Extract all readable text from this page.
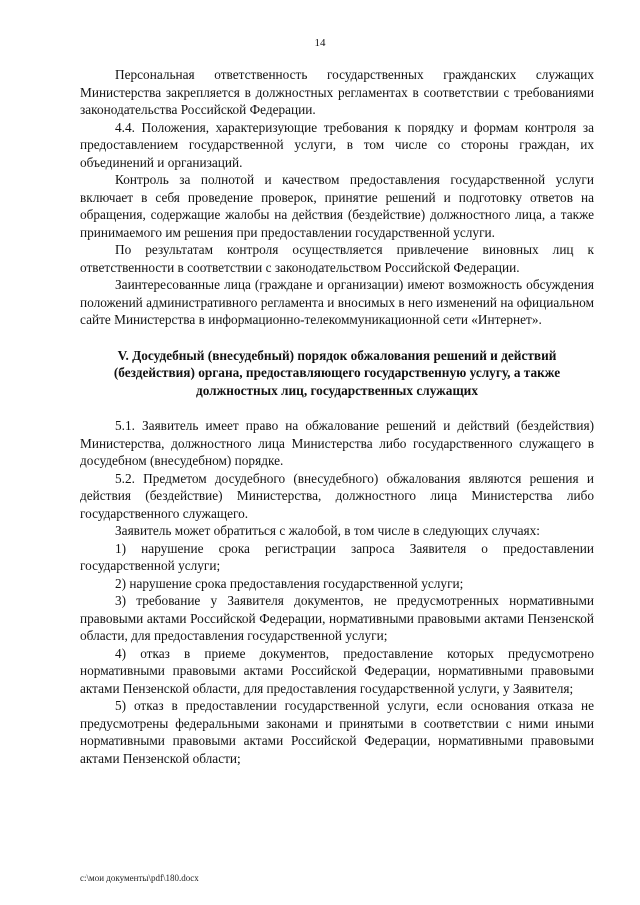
14

Персональная ответственность государственных гражданских служащих Министерства закрепляется в должностных регламентах в соответствии с требованиями законодательства Российской Федерации.

4.4. Положения, характеризующие требования к порядку и формам контроля за предоставлением государственной услуги, в том числе со стороны граждан, их объединений и организаций.

Контроль за полнотой и качеством предоставления государственной услуги включает в себя проведение проверок, принятие решений и подготовку ответов на обращения, содержащие жалобы на действия (бездействие) должностного лица, а также принимаемого им решения при предоставлении государственной услуги.

По результатам контроля осуществляется привлечение виновных лиц к ответственности в соответствии с законодательством Российской Федерации.

Заинтересованные лица (граждане и организации) имеют возможность обсуждения положений административного регламента и вносимых в него изменений на официальном сайте Министерства в информационно-телекоммуникационной сети «Интернет».

V. Досудебный (внесудебный) порядок обжалования решений и действий (бездействия) органа, предоставляющего государственную услугу, а также должностных лиц, государственных служащих

5.1. Заявитель имеет право на обжалование решений и действий (бездействия) Министерства, должностного лица Министерства либо государственного служащего в досудебном (внесудебном) порядке.

5.2. Предметом досудебного (внесудебного) обжалования являются решения и действия (бездействие) Министерства, должностного лица Министерства либо государственного служащего.

Заявитель может обратиться с жалобой, в том числе в следующих случаях:

1) нарушение срока регистрации запроса Заявителя о предоставлении государственной услуги;

2) нарушение срока предоставления государственной услуги;

3) требование у Заявителя документов, не предусмотренных нормативными правовыми актами Российской Федерации, нормативными правовыми актами Пензенской области, для предоставления государственной услуги;

4) отказ в приеме документов, предоставление которых предусмотрено нормативными правовыми актами Российской Федерации, нормативными правовыми актами Пензенской области, для предоставления государственной услуги, у Заявителя;

5) отказ в предоставлении государственной услуги, если основания отказа не предусмотрены федеральными законами и принятыми в соответствии с ними иными нормативными правовыми актами Российской Федерации, нормативными правовыми актами Пензенской области;

c:\мои документы\pdf\180.docx
